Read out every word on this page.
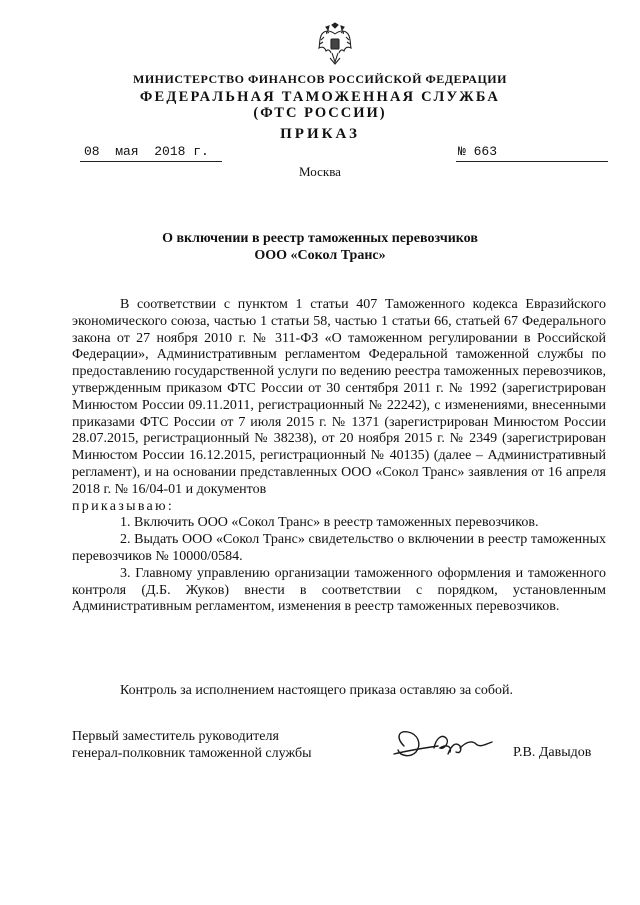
МИНИСТЕРСТВО ФИНАНСОВ РОССИЙСКОЙ ФЕДЕРАЦИИ
ФЕДЕРАЛЬНАЯ ТАМОЖЕННАЯ СЛУЖБА
(ФТС РОССИИ)
ПРИКАЗ
08  мая  2018 г.	№ 663
Москва
О включении в реестр таможенных перевозчиков
ООО «Сокол Транс»

В соответствии с пунктом 1 статьи 407 Таможенного кодекса Евразийского экономического союза, частью 1 статьи 58, частью 1 статьи 66, статьей 67 Федерального закона от 27 ноября 2010 г. № 311-ФЗ «О таможенном регулировании в Российской Федерации», Административным регламентом Федеральной таможенной службы по предоставлению государственной услуги по ведению реестра таможенных перевозчиков, утвержденным приказом ФТС России от 30 сентября 2011 г. № 1992 (зарегистрирован Минюстом России 09.11.2011, регистрационный № 22242), с изменениями, внесенными приказами ФТС России от 7 июля 2015 г. № 1371 (зарегистрирован Минюстом России 28.07.2015, регистрационный № 38238), от 20 ноября 2015 г. № 2349 (зарегистрирован Минюстом России 16.12.2015, регистрационный № 40135) (далее – Административный регламент), и на основании представленных ООО «Сокол Транс» заявления от 16 апреля 2018 г. № 16/04-01 и документов

приказываю:

1. Включить ООО «Сокол Транс» в реестр таможенных перевозчиков.

2. Выдать ООО «Сокол Транс» свидетельство о включении в реестр таможенных перевозчиков № 10000/0584.

3. Главному управлению организации таможенного оформления и таможенного контроля (Д.Б. Жуков) внести в соответствии с порядком, установленным Административным регламентом, изменения в реестр таможенных перевозчиков.

Контроль за исполнением настоящего приказа оставляю за собой.
Первый заместитель руководителя
генерал-полковник таможенной службы	Р.В. Давыдов
